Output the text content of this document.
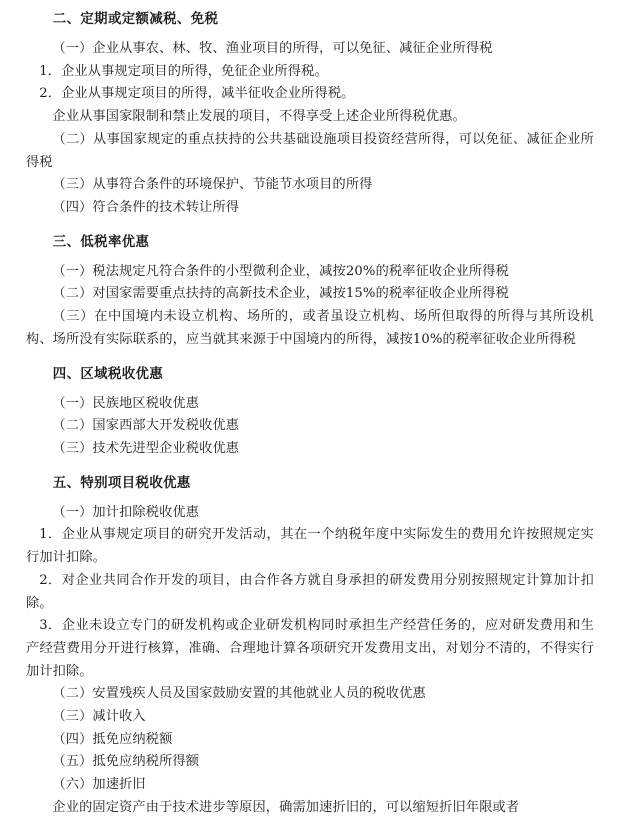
二、定期或定额减税、免税

（一）企业从事农、林、牧、渔业项目的所得，可以免征、减征企业所得税

1．企业从事规定项目的所得，免征企业所得税。

2．企业从事规定项目的所得，减半征收企业所得税。

企业从事国家限制和禁止发展的项目，不得享受上述企业所得税优惠。

（二）从事国家规定的重点扶持的公共基础设施项目投资经营所得，可以免征、减征企业所得税

（三）从事符合条件的环境保护、节能节水项目的所得

（四）符合条件的技术转让所得

三、低税率优惠

（一）税法规定凡符合条件的小型微利企业，减按20%的税率征收企业所得税

（二）对国家需要重点扶持的高新技术企业，减按15%的税率征收企业所得税

（三）在中国境内未设立机构、场所的，或者虽设立机构、场所但取得的所得与其所设机构、场所没有实际联系的，应当就其来源于中国境内的所得，减按10%的税率征收企业所得税

四、区域税收优惠

（一）民族地区税收优惠

（二）国家西部大开发税收优惠

（三）技术先进型企业税收优惠

五、特别项目税收优惠

（一）加计扣除税收优惠

1．企业从事规定项目的研究开发活动，其在一个纳税年度中实际发生的费用允许按照规定实行加计扣除。

2．对企业共同合作开发的项目，由合作各方就自身承担的研发费用分别按照规定计算加计扣除。

3．企业未设立专门的研发机构或企业研发机构同时承担生产经营任务的，应对研发费用和生产经营费用分开进行核算，准确、合理地计算各项研究开发费用支出，对划分不清的，不得实行加计扣除。

（二）安置残疾人员及国家鼓励安置的其他就业人员的税收优惠

（三）减计收入

（四）抵免应纳税额

（五）抵免应纳税所得额

（六）加速折旧

企业的固定资产由于技术进步等原因，确需加速折旧的，可以缩短折旧年限或者
